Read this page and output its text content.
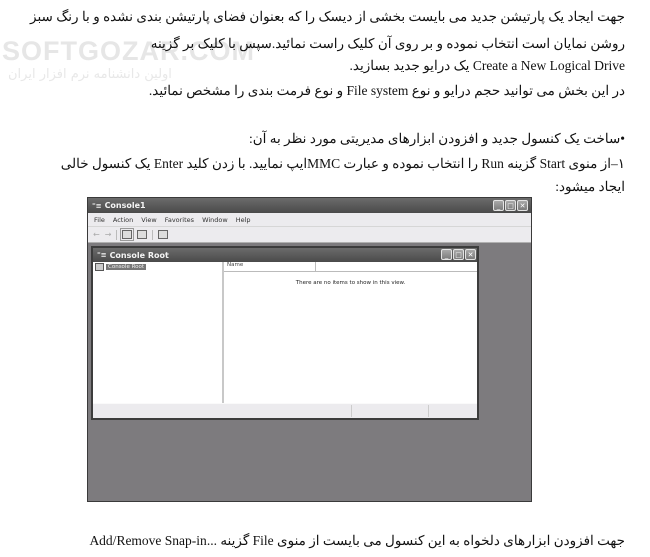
SOFTGOZAR.COM
اولین دانشنامه نرم افزار ایران
جهت ایجاد یک پارتیشن جدید می بایست بخشی از دیسک را که بعنوان فضای پارتیشن بندی نشده و با رنگ سبز
روشن نمایان است انتخاب نموده و بر روی آن کلیک راست نمائید.سپس با کلیک بر گزینه
Create a New Logical Drive یک درایو جدید بسازید.
در این بخش می توانید حجم درایو و نوع File system و نوع فرمت بندی را مشخص نمائید.
•ساخت یک کنسول جدید و افزودن ابزارهای مدیریتی مورد نظر به آن:
۱–از منوی Start گزینه Run را انتخاب نموده و عبارت MMCایپ نمایید. با زدن کلید Enter یک کنسول خالی
ایجاد میشود:
⁼≡ Console1	_ □ ✕
File Action View Favorites Window Help
← →
⁼≡ Console Root	_ □ ✕
Console Root	Name
There are no items to show in this view.
جهت افزودن ابزارهای دلخواه به این کنسول می بایست از منوی File گزینه ...Add/Remove Snap-in
